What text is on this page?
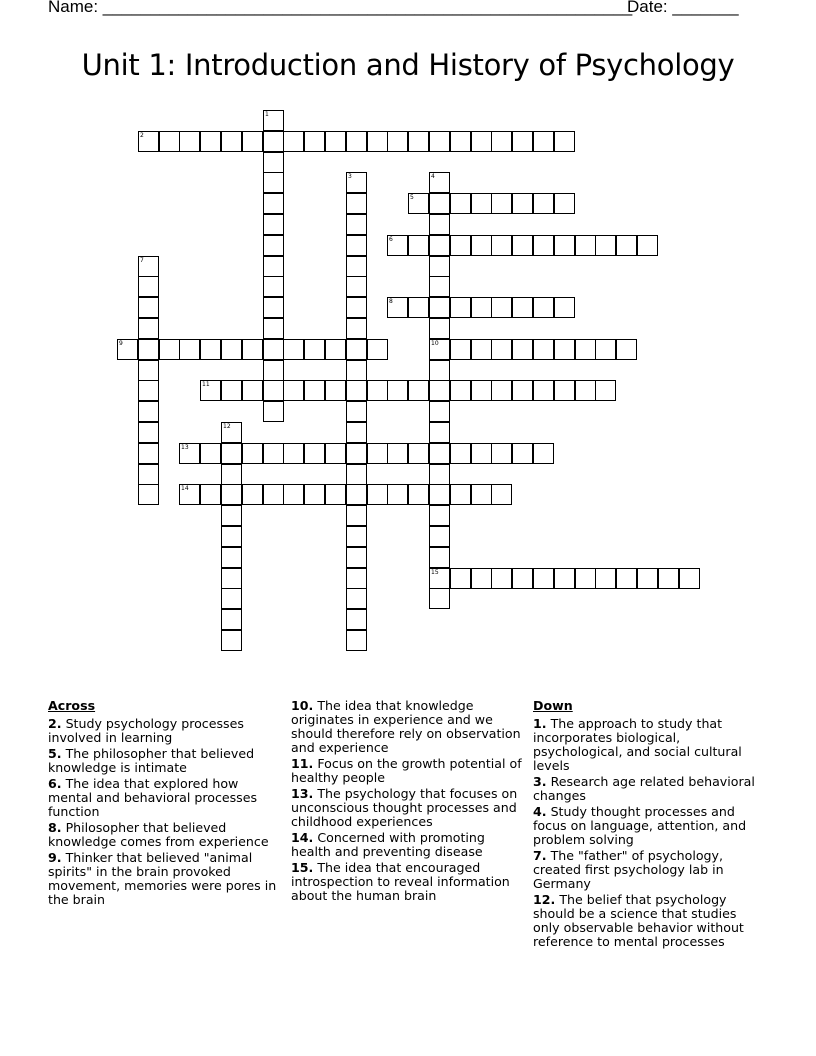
Name: ________________________________________________________
Date: _______
Unit 1: Introduction and History of Psychology
1
2
3	4
10
15
5
6
7
8
9
11
12
13
14
Across
2. Study psychology processes involved in learning
5. The philosopher that believed knowledge is intimate
6. The idea that explored how mental and behavioral processes function
8. Philosopher that believed knowledge comes from experience
9. Thinker that believed "animal spirits" in the brain provoked movement, memories were pores in the brain
10. The idea that knowledge originates in experience and we should therefore rely on observation and experience
11. Focus on the growth potential of healthy people
13. The psychology that focuses on unconscious thought processes and childhood experiences
14. Concerned with promoting health and preventing disease
15. The idea that encouraged introspection to reveal information about the human brain
Down
1. The approach to study that incorporates biological, psychological, and social cultural levels
3. Research age related behavioral changes
4. Study thought processes and focus on language, attention, and problem solving
7. The "father" of psychology, created first psychology lab in Germany
12. The belief that psychology should be a science that studies only observable behavior without reference to mental processes
